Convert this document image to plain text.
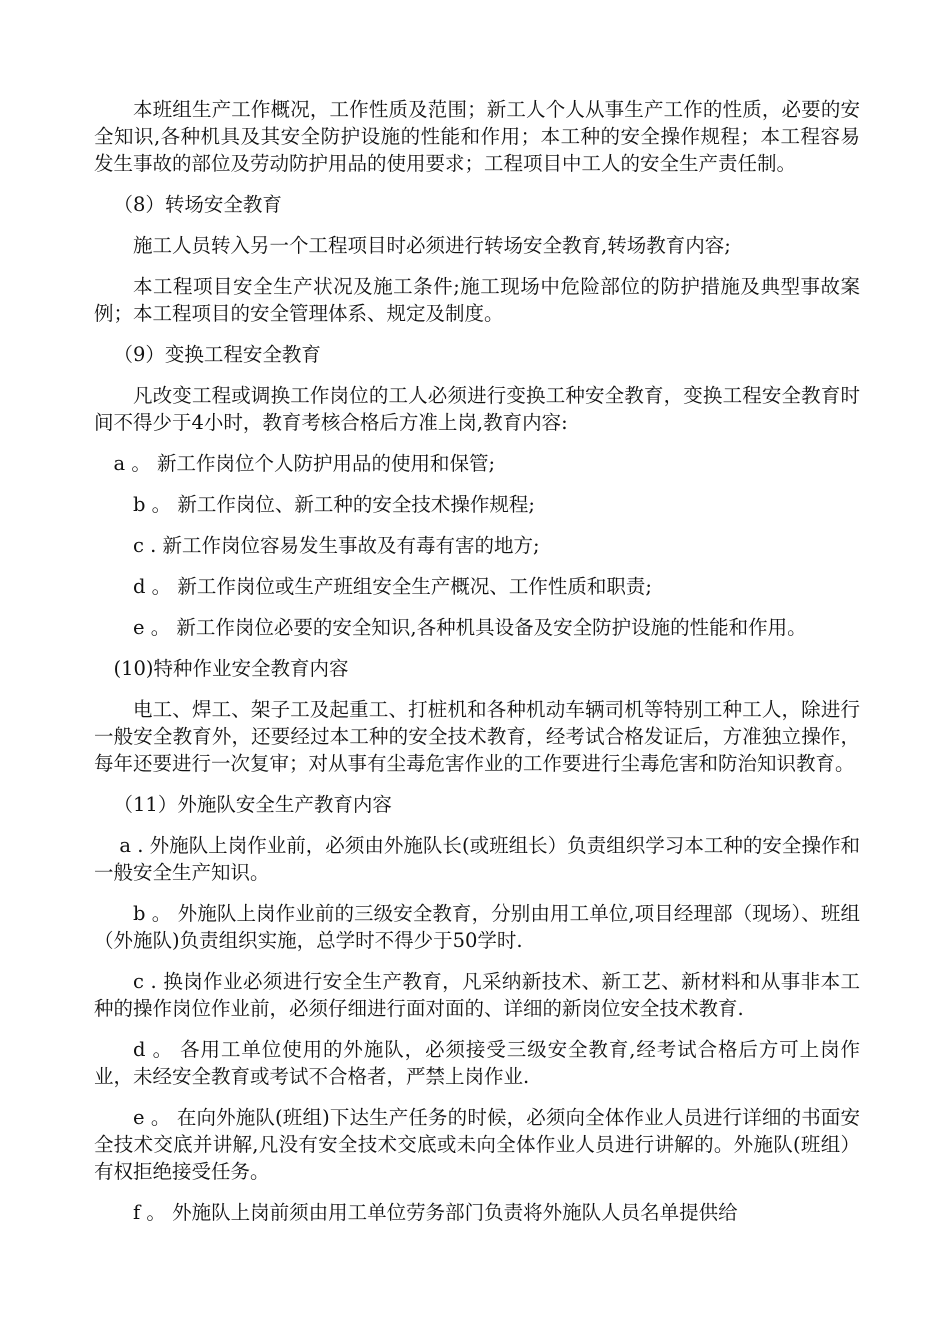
本班组生产工作概况，工作性质及范围；新工人个人从事生产工作的性质，必要的安全知识,各种机具及其安全防护设施的性能和作用；本工种的安全操作规程；本工程容易发生事故的部位及劳动防护用品的使用要求；工程项目中工人的安全生产责任制。

（8）转场安全教育

施工人员转入另一个工程项目时必须进行转场安全教育,转场教育内容;

本工程项目安全生产状况及施工条件;施工现场中危险部位的防护措施及典型事故案例；本工程项目的安全管理体系、规定及制度。

（9）变换工程安全教育

凡改变工程或调换工作岗位的工人必须进行变换工种安全教育，变换工程安全教育时间不得少于4小时，教育考核合格后方准上岗,教育内容:

a 。 新工作岗位个人防护用品的使用和保管;

b 。 新工作岗位、新工种的安全技术操作规程;

c . 新工作岗位容易发生事故及有毒有害的地方;

d 。 新工作岗位或生产班组安全生产概况、工作性质和职责;

e 。 新工作岗位必要的安全知识,各种机具设备及安全防护设施的性能和作用。

(10)特种作业安全教育内容

电工、焊工、架子工及起重工、打桩机和各种机动车辆司机等特别工种工人，除进行一般安全教育外，还要经过本工种的安全技术教育，经考试合格发证后，方准独立操作，每年还要进行一次复审；对从事有尘毒危害作业的工作要进行尘毒危害和防治知识教育。

（11）外施队安全生产教育内容

a . 外施队上岗作业前，必须由外施队长(或班组长）负责组织学习本工种的安全操作和一般安全生产知识。

b 。 外施队上岗作业前的三级安全教育，分别由用工单位,项目经理部（现场）、班组（外施队)负责组织实施，总学时不得少于50学时.

c . 换岗作业必须进行安全生产教育，凡采纳新技术、新工艺、新材料和从事非本工种的操作岗位作业前，必须仔细进行面对面的、详细的新岗位安全技术教育.

d 。 各用工单位使用的外施队，必须接受三级安全教育,经考试合格后方可上岗作业，未经安全教育或考试不合格者，严禁上岗作业.

e 。 在向外施队(班组)下达生产任务的时候，必须向全体作业人员进行详细的书面安全技术交底并讲解,凡没有安全技术交底或未向全体作业人员进行讲解的。外施队(班组）有权拒绝接受任务。

f 。 外施队上岗前须由用工单位劳务部门负责将外施队人员名单提供给
